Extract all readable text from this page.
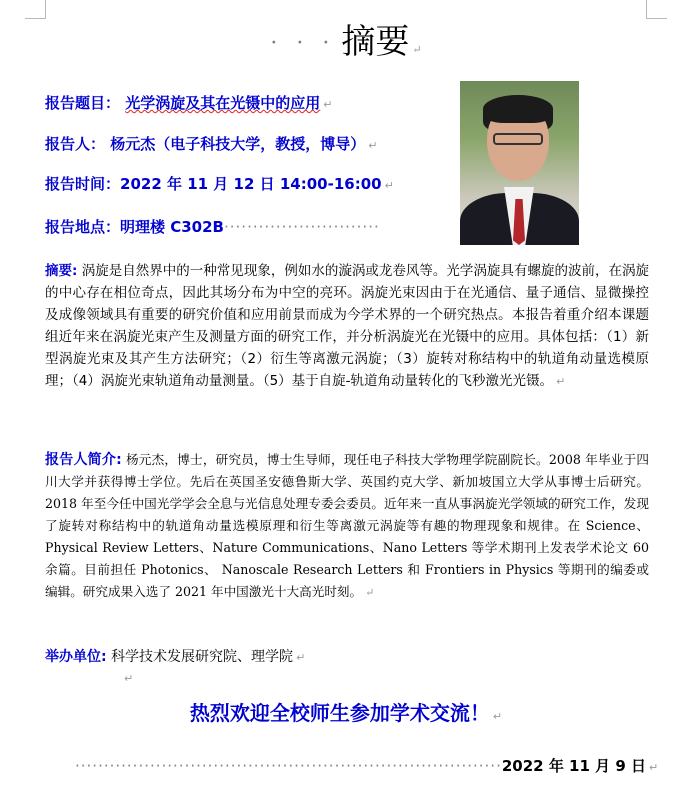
· · · 摘要 ↵
报告题目： 光学涡旋及其在光镊中的应用 ↵
报告人： 杨元杰（电子科技大学，教授，博导） ↵
报告时间：2022 年 11 月 12 日 14:00-16:00 ↵
报告地点：明理楼 C302B···························

摘要: 涡旋是自然界中的一种常见现象，例如水的漩涡或龙卷风等。光学涡旋具有螺旋的波前，在涡旋的中心存在相位奇点，因此其场分布为中空的亮环。涡旋光束因由于在光通信、量子通信、显微操控及成像领域具有重要的研究价值和应用前景而成为今学术界的一个研究热点。本报告着重介绍本课题组近年来在涡旋光束产生及测量方面的研究工作，并分析涡旋光在光镊中的应用。具体包括：（1）新型涡旋光束及其产生方法研究；（2）衍生等离激元涡旋；（3）旋转对称结构中的轨道角动量选模原理；（4）涡旋光束轨道角动量测量。（5）基于自旋-轨道角动量转化的飞秒激光光镊。 ↵

报告人简介: 杨元杰，博士，研究员，博士生导师，现任电子科技大学物理学院副院长。2008 年毕业于四川大学并获得博士学位。先后在英国圣安德鲁斯大学、英国约克大学、新加坡国立大学从事博士后研究。2018 年至今任中国光学学会全息与光信息处理专委会委员。近年来一直从事涡旋光学领域的研究工作，发现了旋转对称结构中的轨道角动量选模原理和衍生等离激元涡旋等有趣的物理现象和规律。在 Science、Physical Review Letters、Nature Communications、Nano Letters 等学术期刊上发表学术论文 60 余篇。目前担任 Photonics、 Nanoscale Research Letters 和 Frontiers in Physics 等期刊的编委或编辑。研究成果入选了 2021 年中国激光十大高光时刻。 ↵

举办单位: 科学技术发展研究院、理学院 ↵
↵
热烈欢迎全校师生参加学术交流！ ↵
··········································································2022 年 11 月 9 日 ↵
